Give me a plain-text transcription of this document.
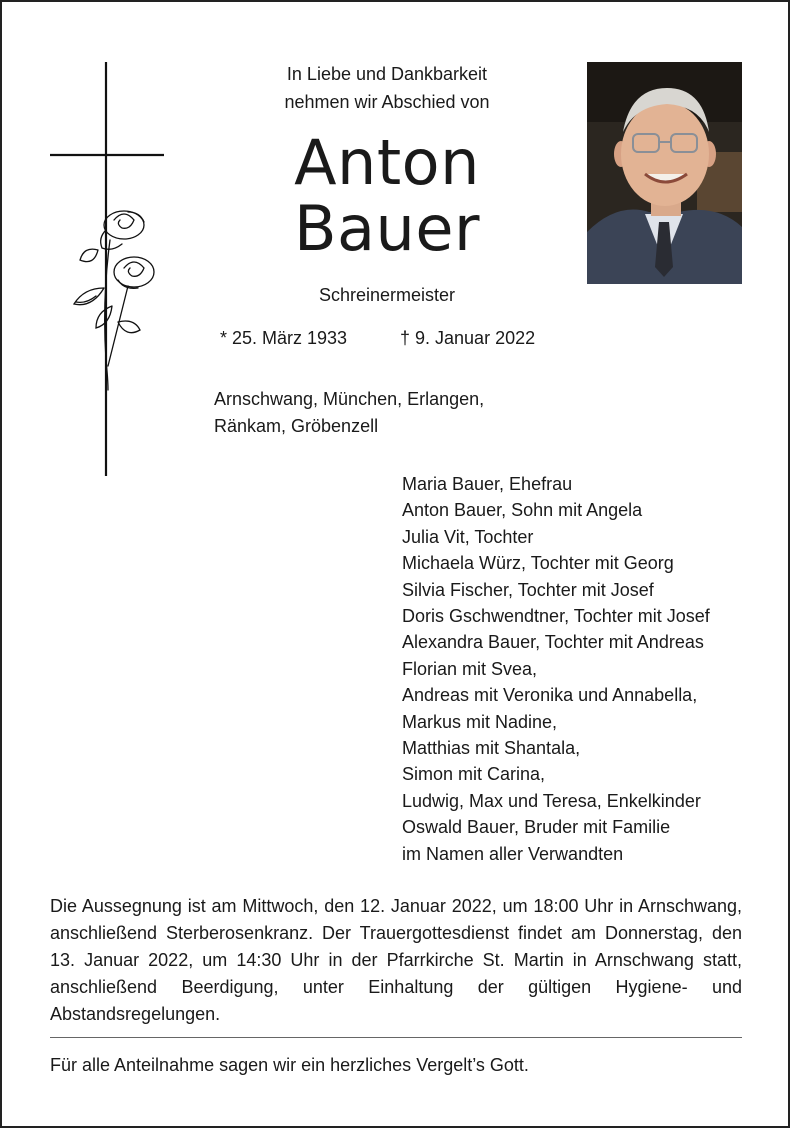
In Liebe und Dankbarkeit
nehmen wir Abschied von
Anton
Bauer
Schreinermeister
* 25. März 1933	† 9. Januar 2022
Arnschwang, München, Erlangen,
Ränkam, Gröbenzell
Maria Bauer, Ehefrau
Anton Bauer, Sohn mit Angela
Julia Vit, Tochter
Michaela Würz, Tochter mit Georg
Silvia Fischer, Tochter mit Josef
Doris Gschwendtner, Tochter mit Josef
Alexandra Bauer, Tochter mit Andreas
Florian mit Svea,
Andreas mit Veronika und Annabella,
Markus mit Nadine,
Matthias mit Shantala,
Simon mit Carina,
Ludwig, Max und Teresa, Enkelkinder
Oswald Bauer, Bruder mit Familie
im Namen aller Verwandten
Die Aussegnung ist am Mittwoch, den 12. Januar 2022, um 18:00 Uhr in Arnschwang, anschließend Sterberosenkranz. Der Trauergottesdienst findet am Donnerstag, den 13. Januar 2022, um 14:30 Uhr in der Pfarrkirche St. Martin in Arnschwang statt, anschließend Beerdigung, unter Einhaltung der gültigen Hygiene- und Abstandsregelungen.
Für alle Anteilnahme sagen wir ein herzliches Vergelt’s Gott.
